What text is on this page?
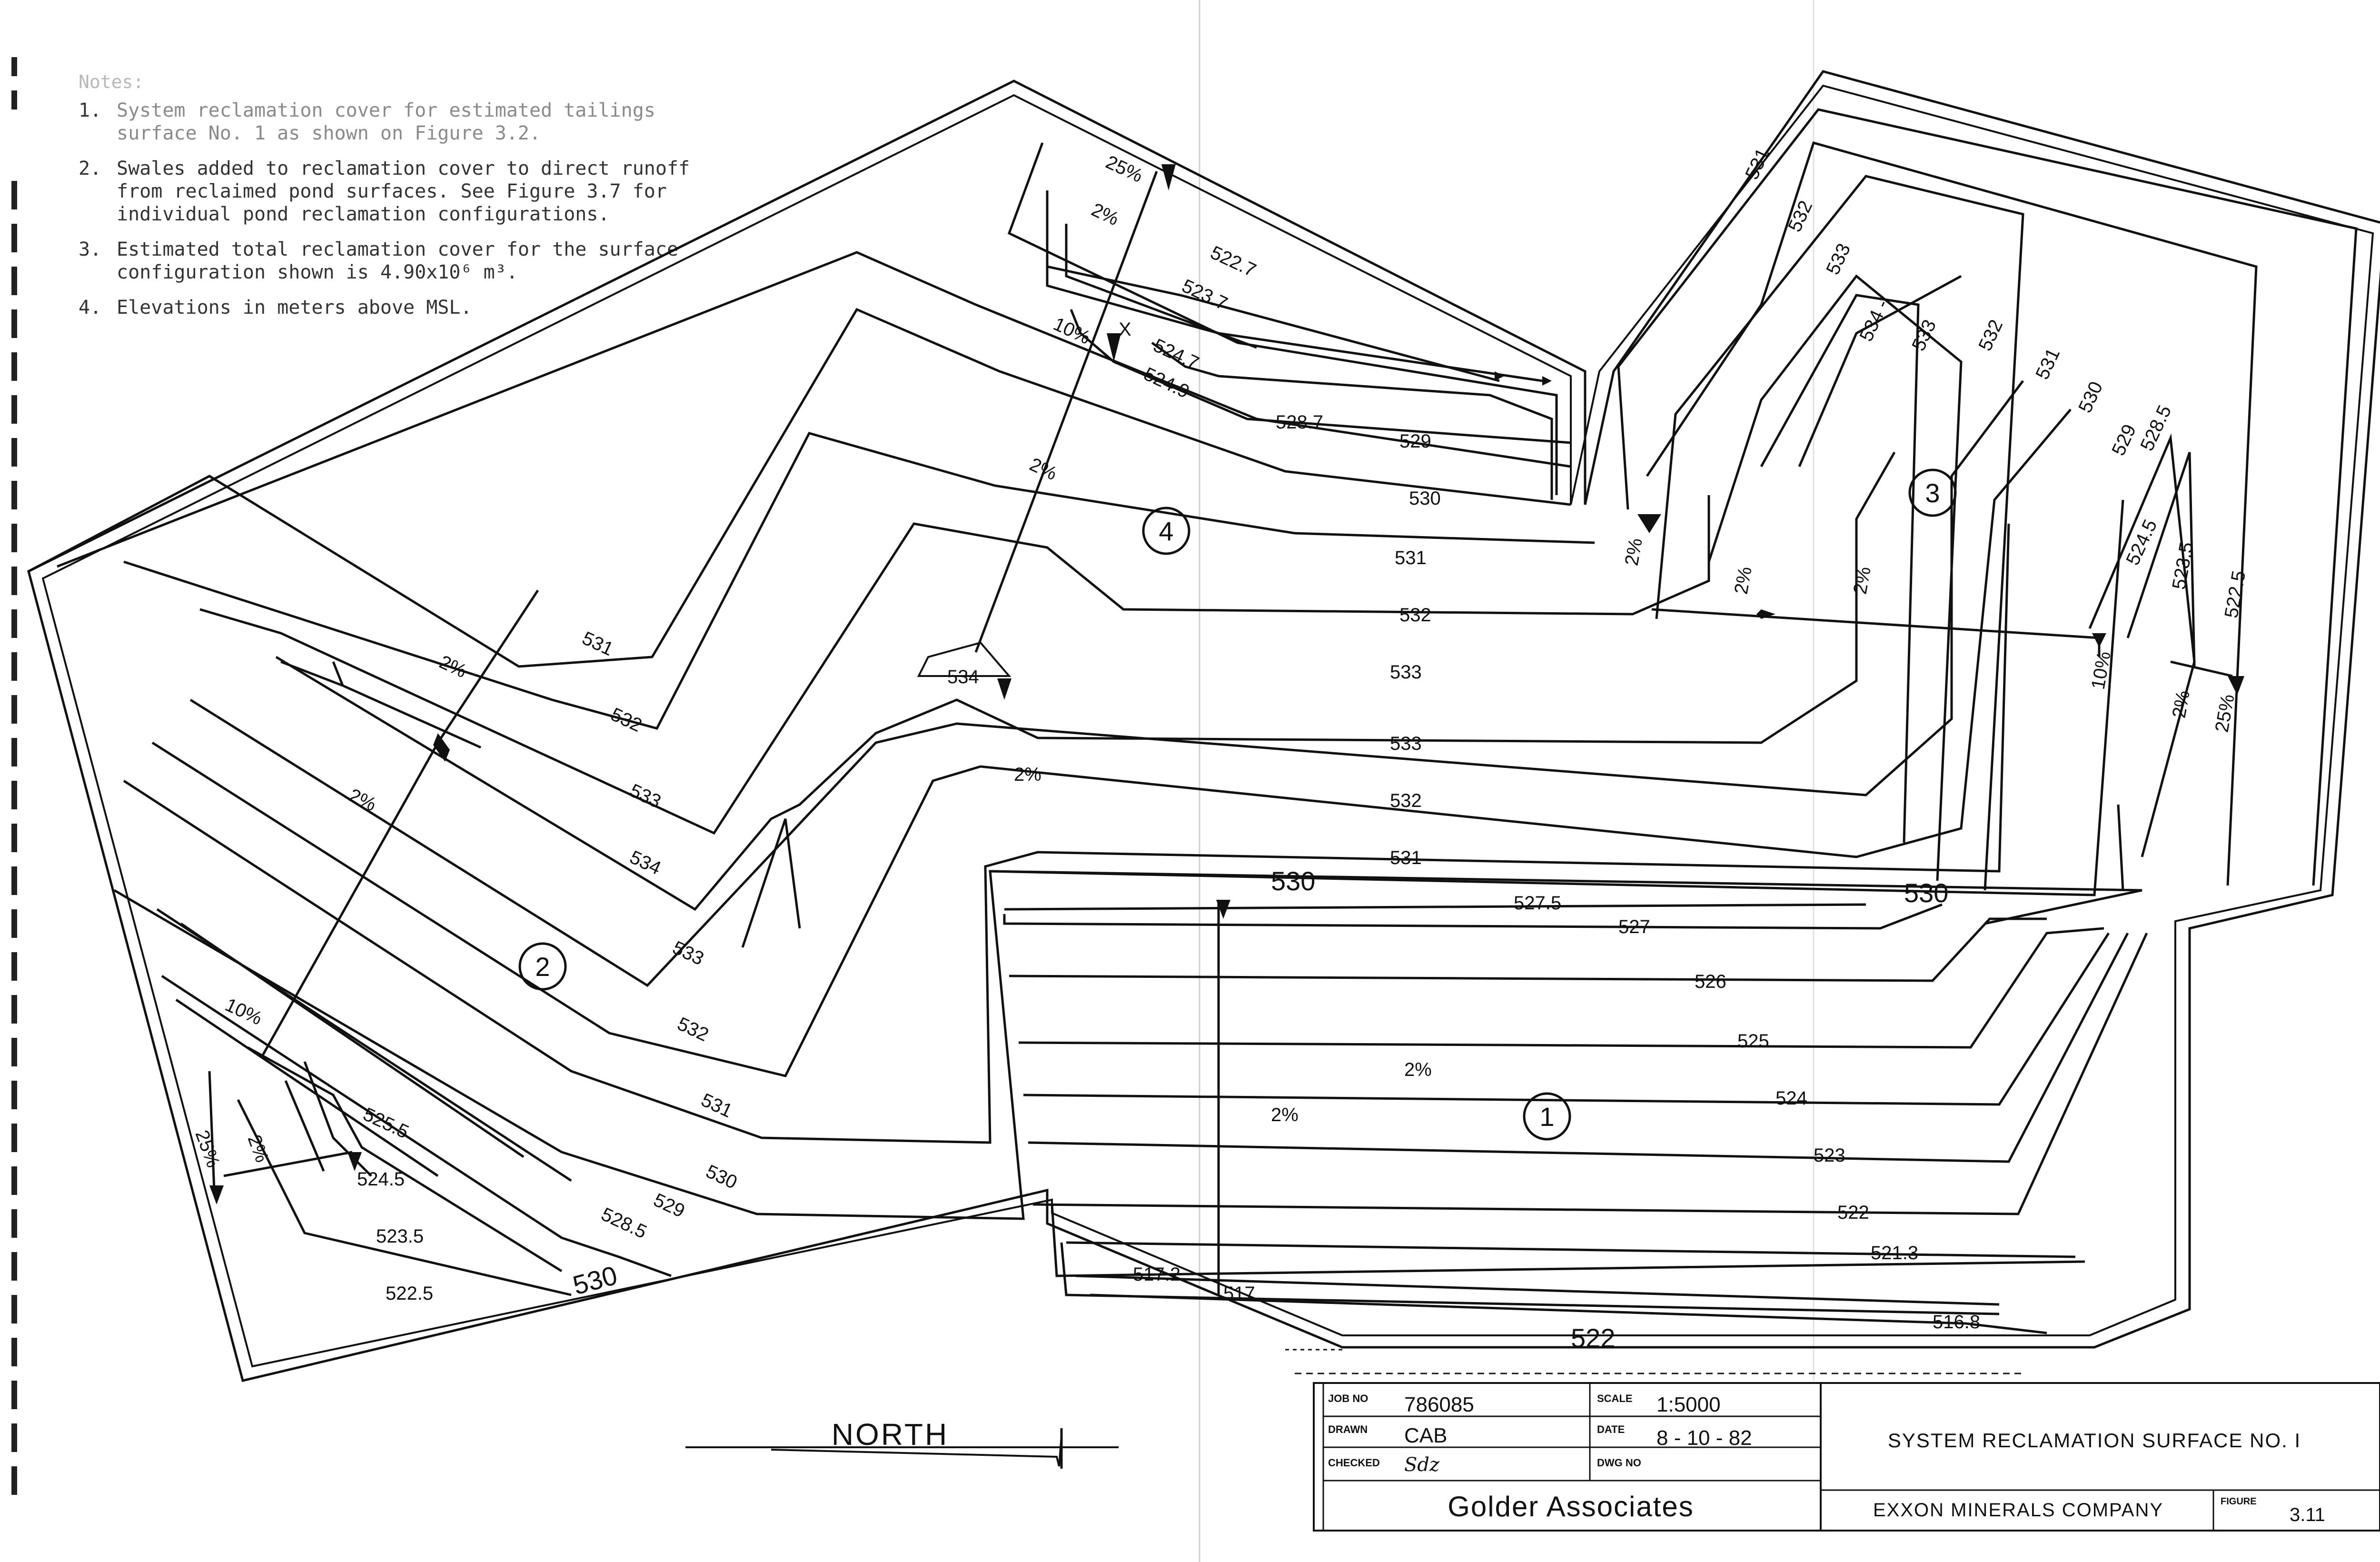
Notes:
1. System reclamation cover for estimated tailings
surface No. 1 as shown on Figure 3.2.
2. Swales added to reclamation cover to direct runoff
from reclaimed pond surfaces. See Figure 3.7 for
individual pond reclamation configurations.
3. Estimated total reclamation cover for the surface
configuration shown is 4.90x10⁶ m³.
4. Elevations in meters above MSL.
1
2
3
4
25%
2%
522.7
523.7
10% X
524.7
524.9
528.7
529
530
531
532
533
533
532
531
534
2%
2%
2%
531
532
533
534
533
532
531
530
529
528.5
530
522.5
523.5
524.5
525.5
10%
25% 2%
2%
2%
531
532
533
534 - 533 532
531
530
529
528.5
524.5 523.5
522.5
10%
2% 25%
2%
2%	2%
530
527.5
527
530
526
525
524
523
522
521.3
517.2
517
516.8
522
2%
NORTH
JOB NO 786085	SCALE 1:5000
DRAWN CAB	DATE 8 - 10 - 82
CHECKED Sdz	DWG NO
Golder Associates
SYSTEM RECLAMATION SURFACE NO. I
EXXON MINERALS COMPANY	FIGURE
3.11
